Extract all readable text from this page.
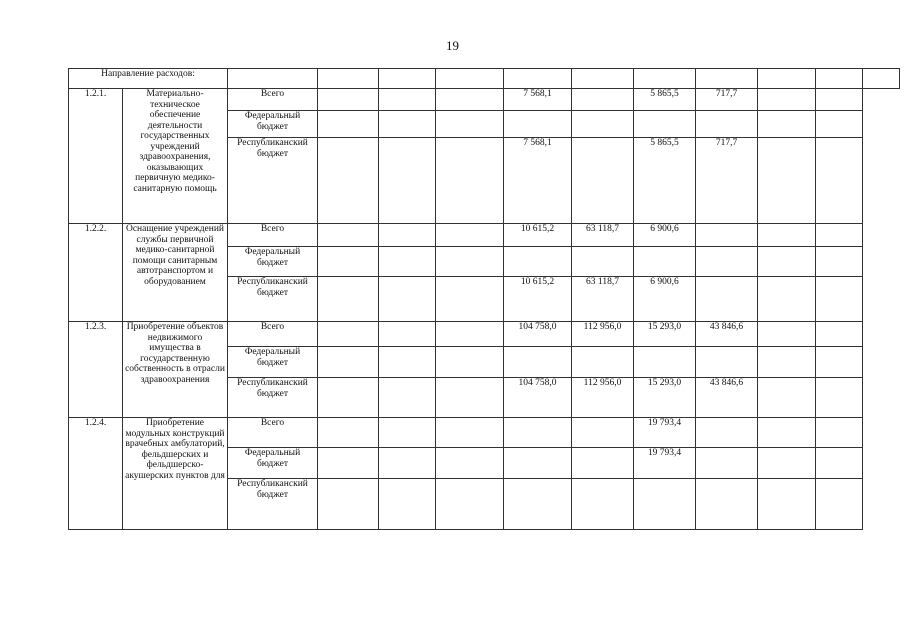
19
Направление расходов:												
1.2.1.	Материально-техническое обеспечение деятельности государственных учреждений здравоохранения, оказывающих первичную медико-санитарную помощь	Всего				7 568,1		5 865,5	717,7			
		Федеральный бюджет										
		Республиканский бюджет				7 568,1		5 865,5	717,7			
1.2.2.	Оснащение учреждений службы первичной медико-санитарной помощи санитарным автотранспортом и оборудованием	Всего				10 615,2	63 118,7	6 900,6				
		Федеральный бюджет										
		Республиканский бюджет				10 615,2	63 118,7	6 900,6				
1.2.3.	Приобретение объектов недвижимого имущества в государственную собственность в отрасли здравоохранения	Всего				104 758,0	112 956,0	15 293,0	43 846,6			
		Федеральный бюджет										
		Республиканский бюджет				104 758,0	112 956,0	15 293,0	43 846,6			
1.2.4.	Приобретение модульных конструкций врачебных амбулаторий, фельдшерских и фельдшерско-акушерских пунктов для	Всего						19 793,4				
		Федеральный бюджет						19 793,4				
		Республиканский бюджет										
